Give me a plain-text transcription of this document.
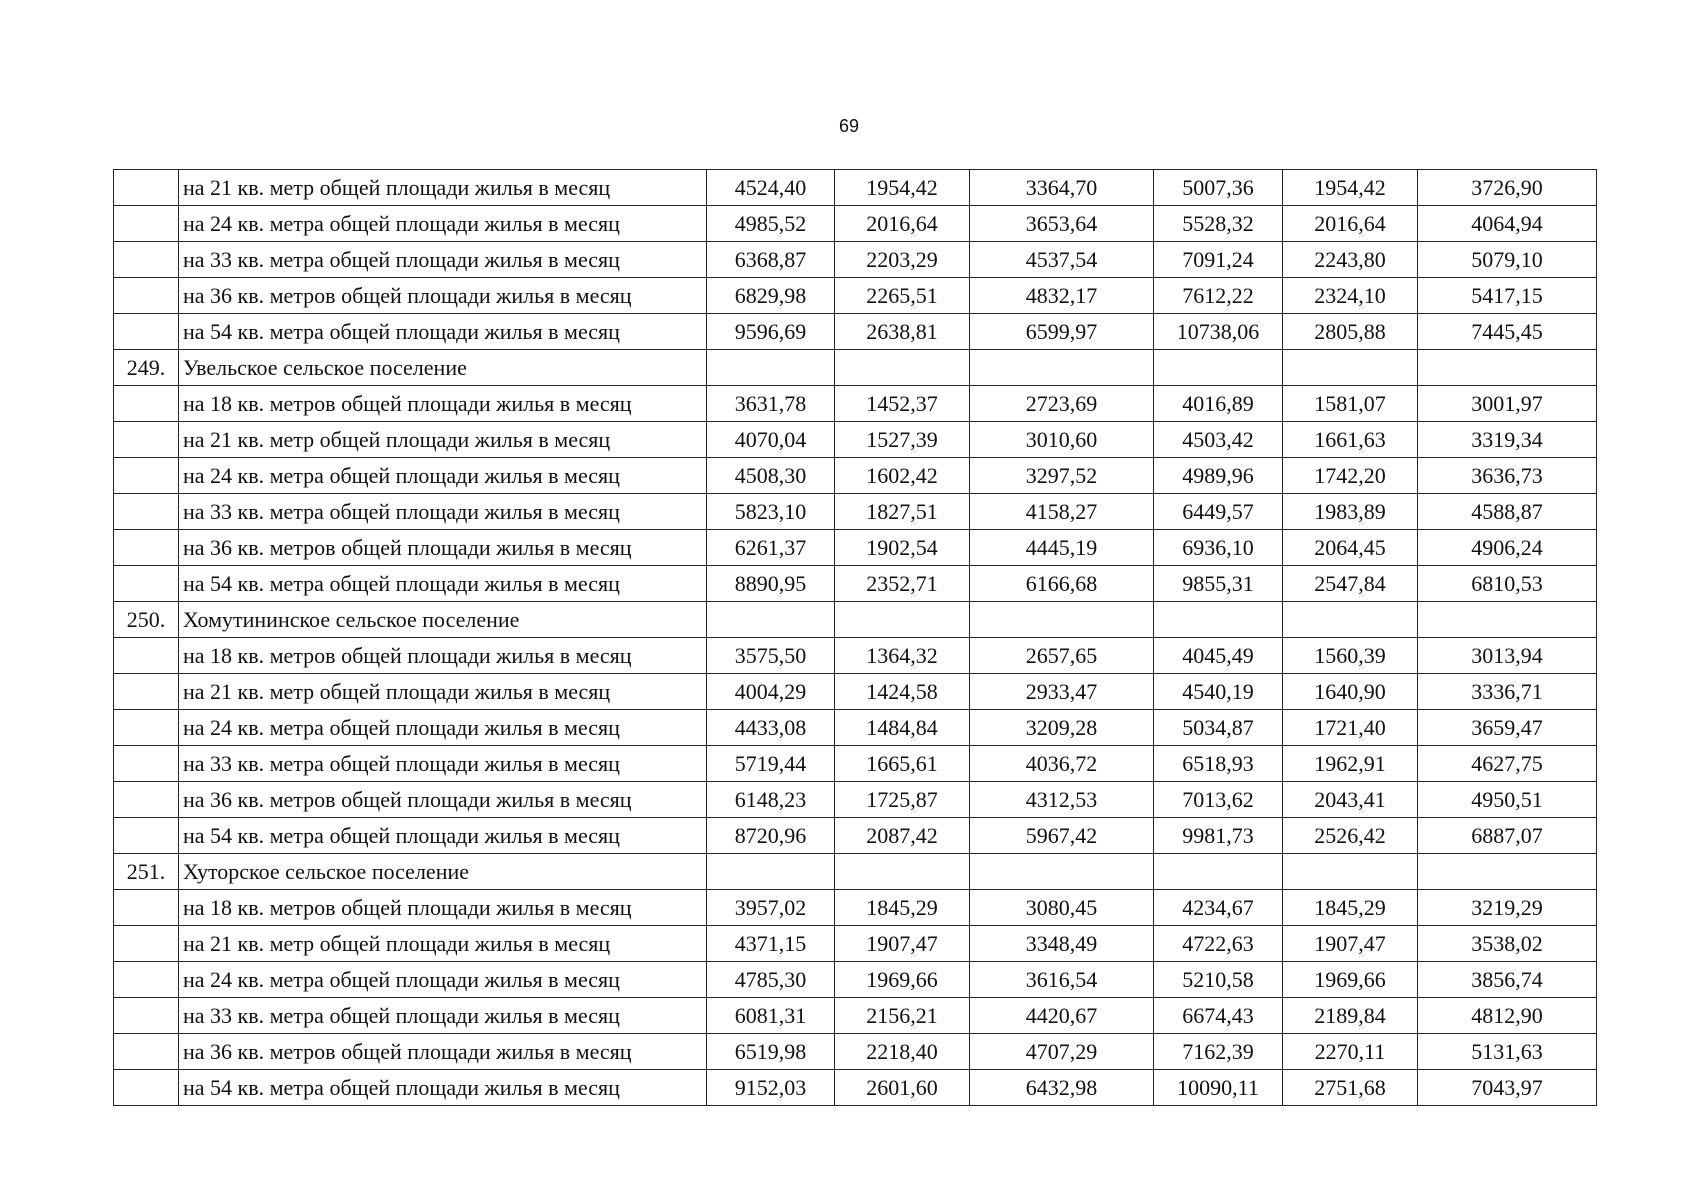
69
	на 21 кв. метр общей площади жилья в месяц	4524,40	1954,42	3364,70	5007,36	1954,42	3726,90
	на 24 кв. метра общей площади жилья в месяц	4985,52	2016,64	3653,64	5528,32	2016,64	4064,94
	на 33 кв. метра общей площади жилья в месяц	6368,87	2203,29	4537,54	7091,24	2243,80	5079,10
	на 36 кв. метров общей площади жилья в месяц	6829,98	2265,51	4832,17	7612,22	2324,10	5417,15
	на 54 кв. метра общей площади жилья в месяц	9596,69	2638,81	6599,97	10738,06	2805,88	7445,45
249.	Увельское сельское поселение						
	на 18 кв. метров общей площади жилья в месяц	3631,78	1452,37	2723,69	4016,89	1581,07	3001,97
	на 21 кв. метр общей площади жилья в месяц	4070,04	1527,39	3010,60	4503,42	1661,63	3319,34
	на 24 кв. метра общей площади жилья в месяц	4508,30	1602,42	3297,52	4989,96	1742,20	3636,73
	на 33 кв. метра общей площади жилья в месяц	5823,10	1827,51	4158,27	6449,57	1983,89	4588,87
	на 36 кв. метров общей площади жилья в месяц	6261,37	1902,54	4445,19	6936,10	2064,45	4906,24
	на 54 кв. метра общей площади жилья в месяц	8890,95	2352,71	6166,68	9855,31	2547,84	6810,53
250.	Хомутининское сельское поселение						
	на 18 кв. метров общей площади жилья в месяц	3575,50	1364,32	2657,65	4045,49	1560,39	3013,94
	на 21 кв. метр общей площади жилья в месяц	4004,29	1424,58	2933,47	4540,19	1640,90	3336,71
	на 24 кв. метра общей площади жилья в месяц	4433,08	1484,84	3209,28	5034,87	1721,40	3659,47
	на 33 кв. метра общей площади жилья в месяц	5719,44	1665,61	4036,72	6518,93	1962,91	4627,75
	на 36 кв. метров общей площади жилья в месяц	6148,23	1725,87	4312,53	7013,62	2043,41	4950,51
	на 54 кв. метра общей площади жилья в месяц	8720,96	2087,42	5967,42	9981,73	2526,42	6887,07
251.	Хуторское сельское поселение						
	на 18 кв. метров общей площади жилья в месяц	3957,02	1845,29	3080,45	4234,67	1845,29	3219,29
	на 21 кв. метр общей площади жилья в месяц	4371,15	1907,47	3348,49	4722,63	1907,47	3538,02
	на 24 кв. метра общей площади жилья в месяц	4785,30	1969,66	3616,54	5210,58	1969,66	3856,74
	на 33 кв. метра общей площади жилья в месяц	6081,31	2156,21	4420,67	6674,43	2189,84	4812,90
	на 36 кв. метров общей площади жилья в месяц	6519,98	2218,40	4707,29	7162,39	2270,11	5131,63
	на 54 кв. метра общей площади жилья в месяц	9152,03	2601,60	6432,98	10090,11	2751,68	7043,97
